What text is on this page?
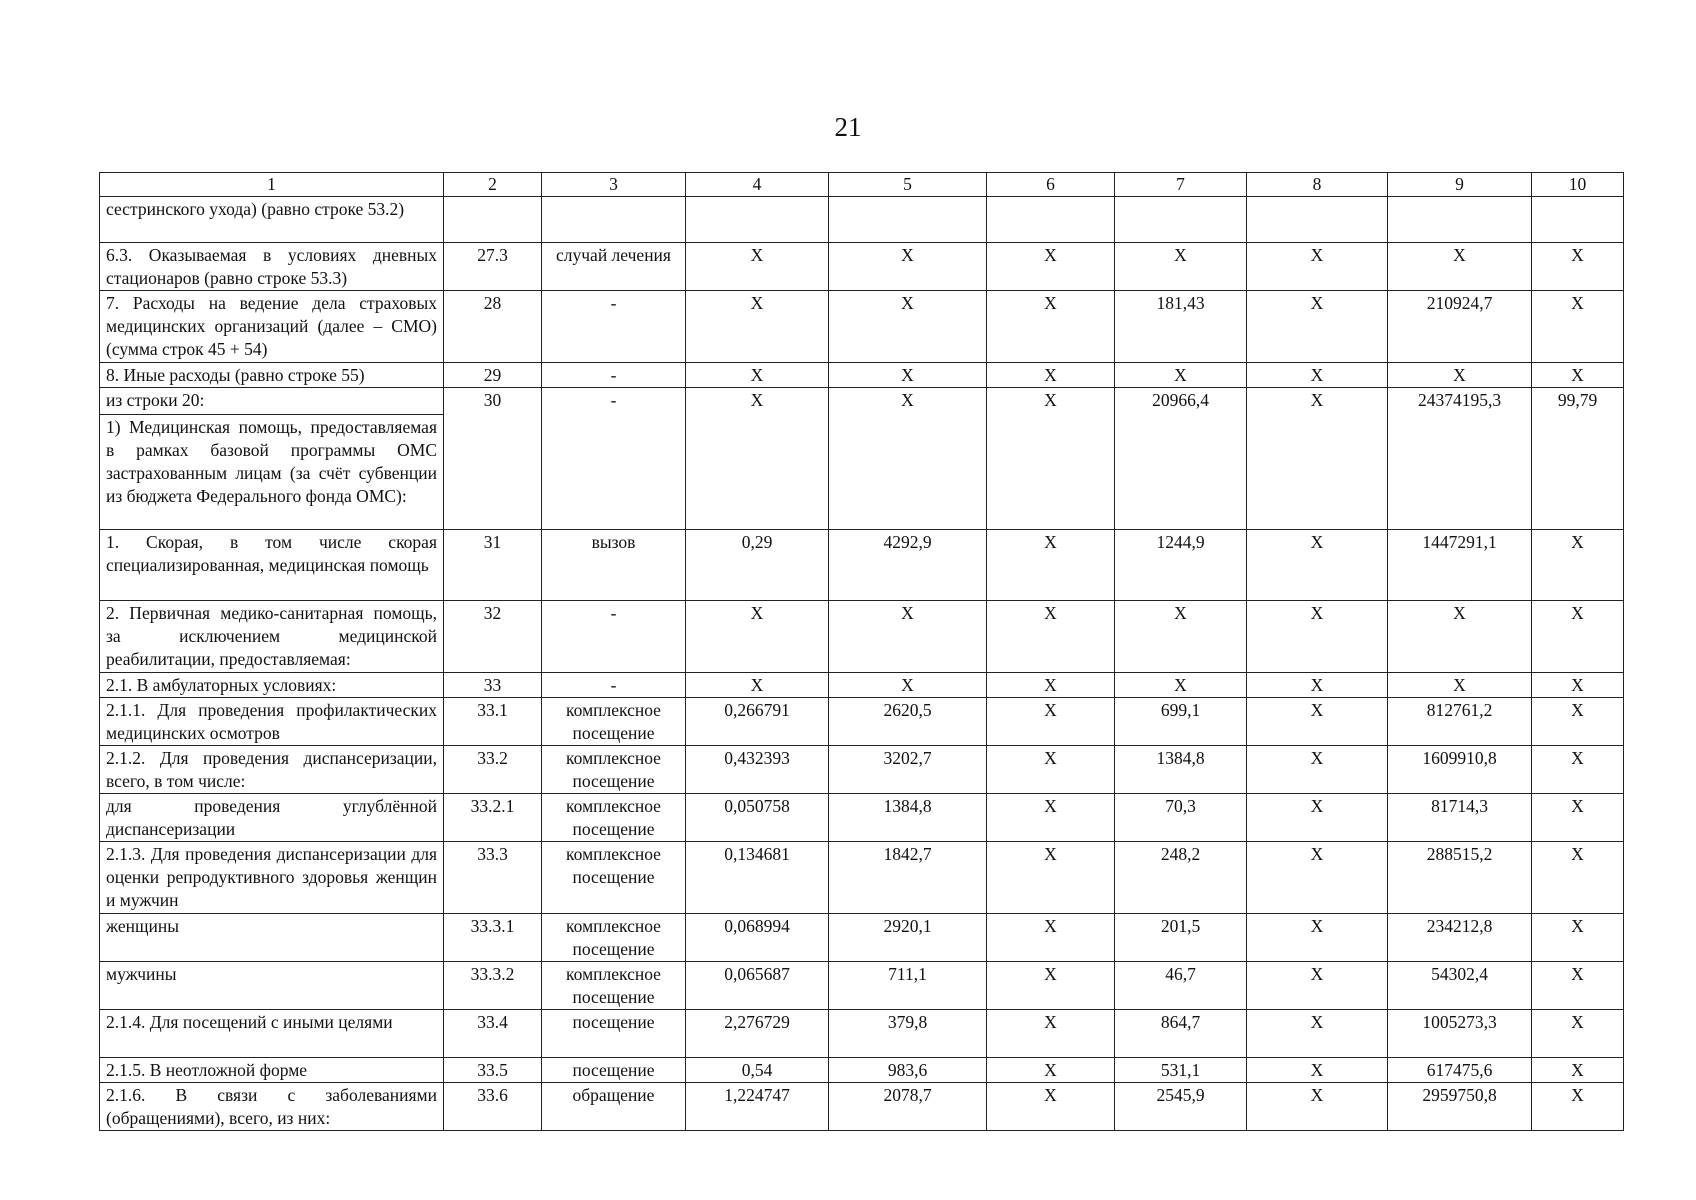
21
1	2	3	4	5	6	7	8	9	10
сестринского ухода) (равно строке 53.2)									
6.3. Оказываемая в условиях дневных стационаров (равно строке 53.3)	27.3	случай лечения	X	X	X	X	X	X	X
7. Расходы на ведение дела страховых медицинских организаций (далее – СМО) (сумма строк 45 + 54)	28	-	X	X	X	181,43	X	210924,7	X
8. Иные расходы (равно строке 55)	29	-	X	X	X	X	X	X	X

из строки 20:
1) Медицинская помощь, предоставляемая в рамках базовой программы ОМС застрахованным лицам (за счёт субвенции из бюджета Федерального фонда ОМС):	30	-	X	X	X	20966,4	X	24374195,3	99,79
1. Скорая, в том числе скорая специализированная, медицинская помощь	31	вызов	0,29	4292,9	X	1244,9	X	1447291,1	X
2. Первичная медико-санитарная помощь, за исключением медицинской реабилитации, предоставляемая:	32	-	X	X	X	X	X	X	X
2.1. В амбулаторных условиях:	33	-	X	X	X	X	X	X	X
2.1.1. Для проведения профилактических медицинских осмотров	33.1	комплексное посещение	0,266791	2620,5	X	699,1	X	812761,2	X
2.1.2. Для проведения диспансеризации, всего, в том числе:	33.2	комплексное посещение	0,432393	3202,7	X	1384,8	X	1609910,8	X
для проведения углублённой диспансеризации	33.2.1	комплексное посещение	0,050758	1384,8	X	70,3	X	81714,3	X
2.1.3. Для проведения диспансеризации для оценки репродуктивного здоровья женщин и мужчин	33.3	комплексное посещение	0,134681	1842,7	X	248,2	X	288515,2	X
женщины	33.3.1	комплексное посещение	0,068994	2920,1	X	201,5	X	234212,8	X
мужчины	33.3.2	комплексное посещение	0,065687	711,1	X	46,7	X	54302,4	X
2.1.4. Для посещений с иными целями	33.4	посещение	2,276729	379,8	X	864,7	X	1005273,3	X
2.1.5. В неотложной форме	33.5	посещение	0,54	983,6	X	531,1	X	617475,6	X
2.1.6. В связи с заболеваниями (обращениями), всего, из них:	33.6	обращение	1,224747	2078,7	X	2545,9	X	2959750,8	X
